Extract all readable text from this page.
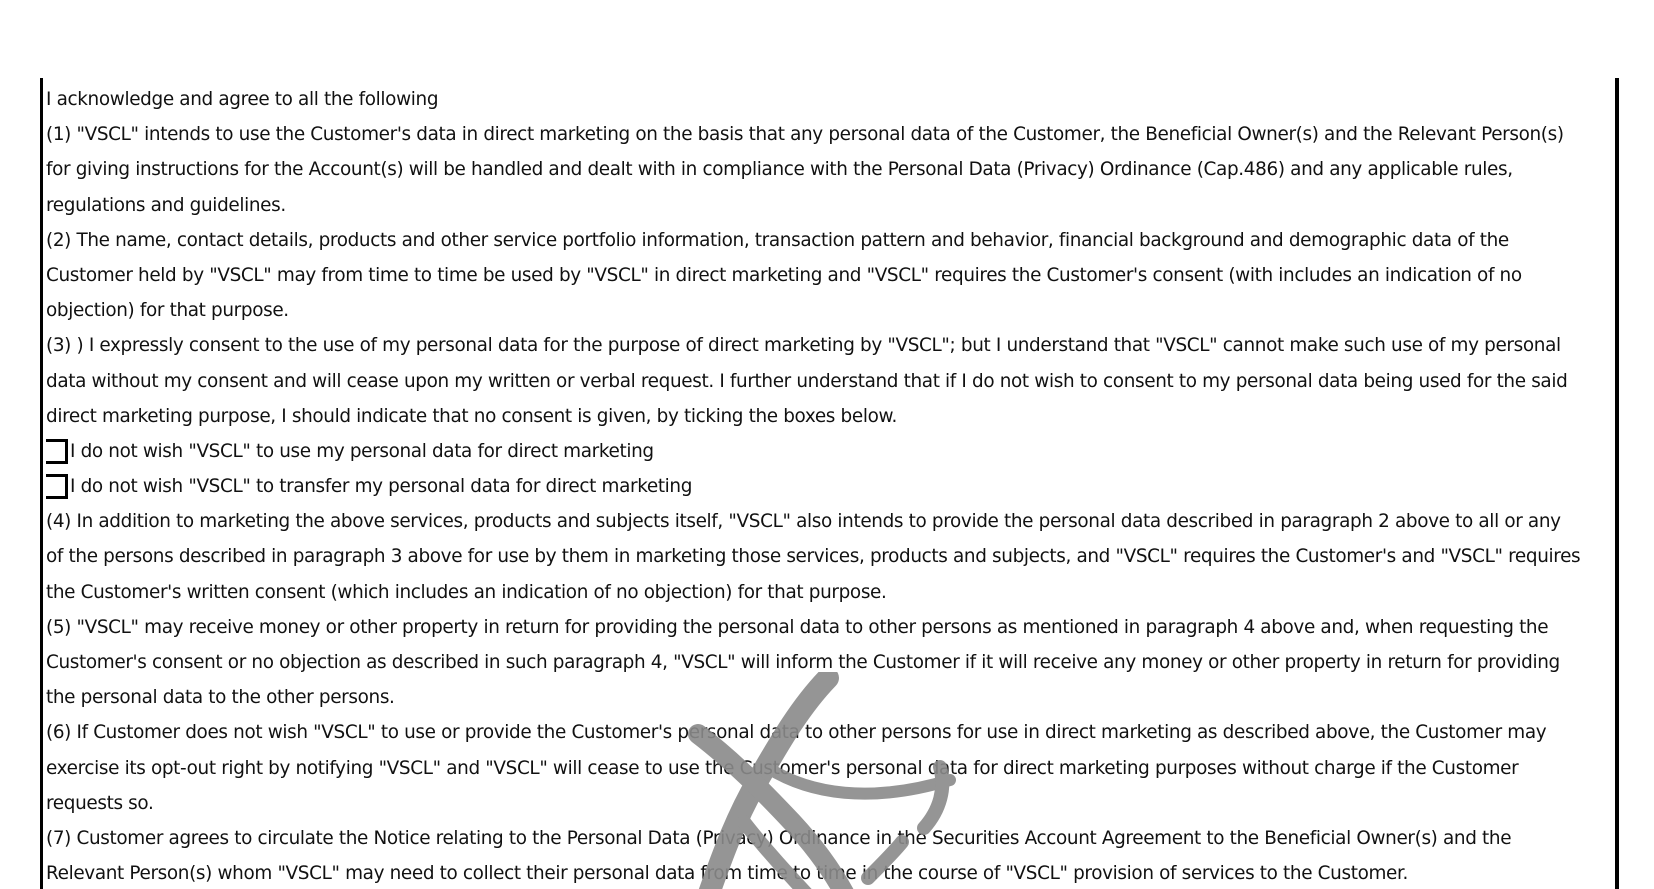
I acknowledge and agree to all the following
(1) "VSCL" intends to use the Customer's data in direct marketing on the basis that any personal data of the Customer, the Beneficial Owner(s) and the Relevant Person(s)
for giving instructions for the Account(s) will be handled and dealt with in compliance with the Personal Data (Privacy) Ordinance (Cap.486) and any applicable rules,
regulations and guidelines.
(2) The name, contact details, products and other service portfolio information, transaction pattern and behavior, financial background and demographic data of the
Customer held by "VSCL" may from time to time be used by "VSCL" in direct marketing and "VSCL" requires the Customer's consent (with includes an indication of no
objection) for that purpose.
(3) ) I expressly consent to the use of my personal data for the purpose of direct marketing by "VSCL"; but I understand that "VSCL" cannot make such use of my personal
data without my consent and will cease upon my written or verbal request. I further understand that if I do not wish to consent to my personal data being used for the said
direct marketing purpose, I should indicate that no consent is given, by ticking the boxes below.
I do not wish "VSCL" to use my personal data for direct marketing
I do not wish "VSCL" to transfer my personal data for direct marketing
(4) In addition to marketing the above services, products and subjects itself, "VSCL" also intends to provide the personal data described in paragraph 2 above to all or any
of the persons described in paragraph 3 above for use by them in marketing those services, products and subjects, and "VSCL" requires the Customer's and "VSCL" requires
the Customer's written consent (which includes an indication of no objection) for that purpose.
(5) "VSCL" may receive money or other property in return for providing the personal data to other persons as mentioned in paragraph 4 above and, when requesting the
Customer's consent or no objection as described in such paragraph 4, "VSCL" will inform the Customer if it will receive any money or other property in return for providing
the personal data to the other persons.
(6) If Customer does not wish "VSCL" to use or provide the Customer's personal data to other persons for use in direct marketing as described above, the Customer may
exercise its opt-out right by notifying "VSCL" and "VSCL" will cease to use the Customer's personal data for direct marketing purposes without charge if the Customer
requests so.
(7) Customer agrees to circulate the Notice relating to the Personal Data (Privacy) Ordinance in the Securities Account Agreement to the Beneficial Owner(s) and the
Relevant Person(s) whom "VSCL" may need to collect their personal data from time to time in the course of "VSCL" provision of services to the Customer.
